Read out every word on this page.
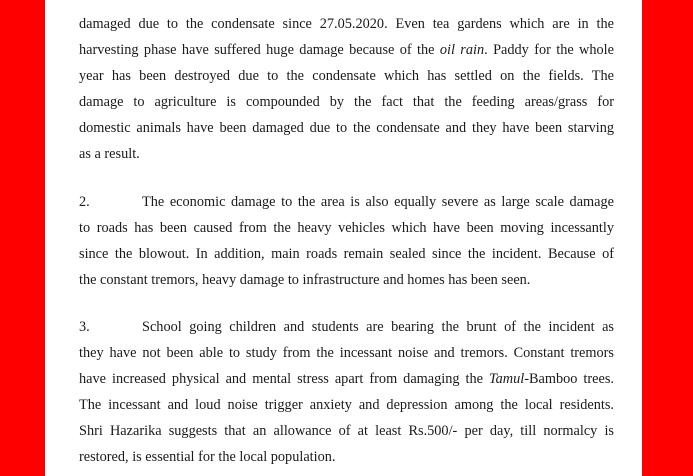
damaged due to the condensate since 27.05.2020. Even tea gardens which are in the
harvesting phase have suffered huge damage because of the oil rain. Paddy for the whole
year has been destroyed due to the condensate which has settled on the fields. The
damage to agriculture is compounded by the fact that the feeding areas/grass for
domestic animals have been damaged due to the condensate and they have been starving
as a result.
2.	The economic damage to the area is also equally severe as large scale damage
to roads has been caused from the heavy vehicles which have been moving incessantly
since the blowout. In addition, main roads remain sealed since the incident. Because of
the constant tremors, heavy damage to infrastructure and homes has been seen.
3.	School going children and students are bearing the brunt of the incident as
they have not been able to study from the incessant noise and tremors. Constant tremors
have increased physical and mental stress apart from damaging the Tamul-Bamboo trees.
The incessant and loud noise trigger anxiety and depression among the local residents.
Shri Hazarika suggests that an allowance of at least Rs.500/- per day, till normalcy is
restored, is essential for the local population.
